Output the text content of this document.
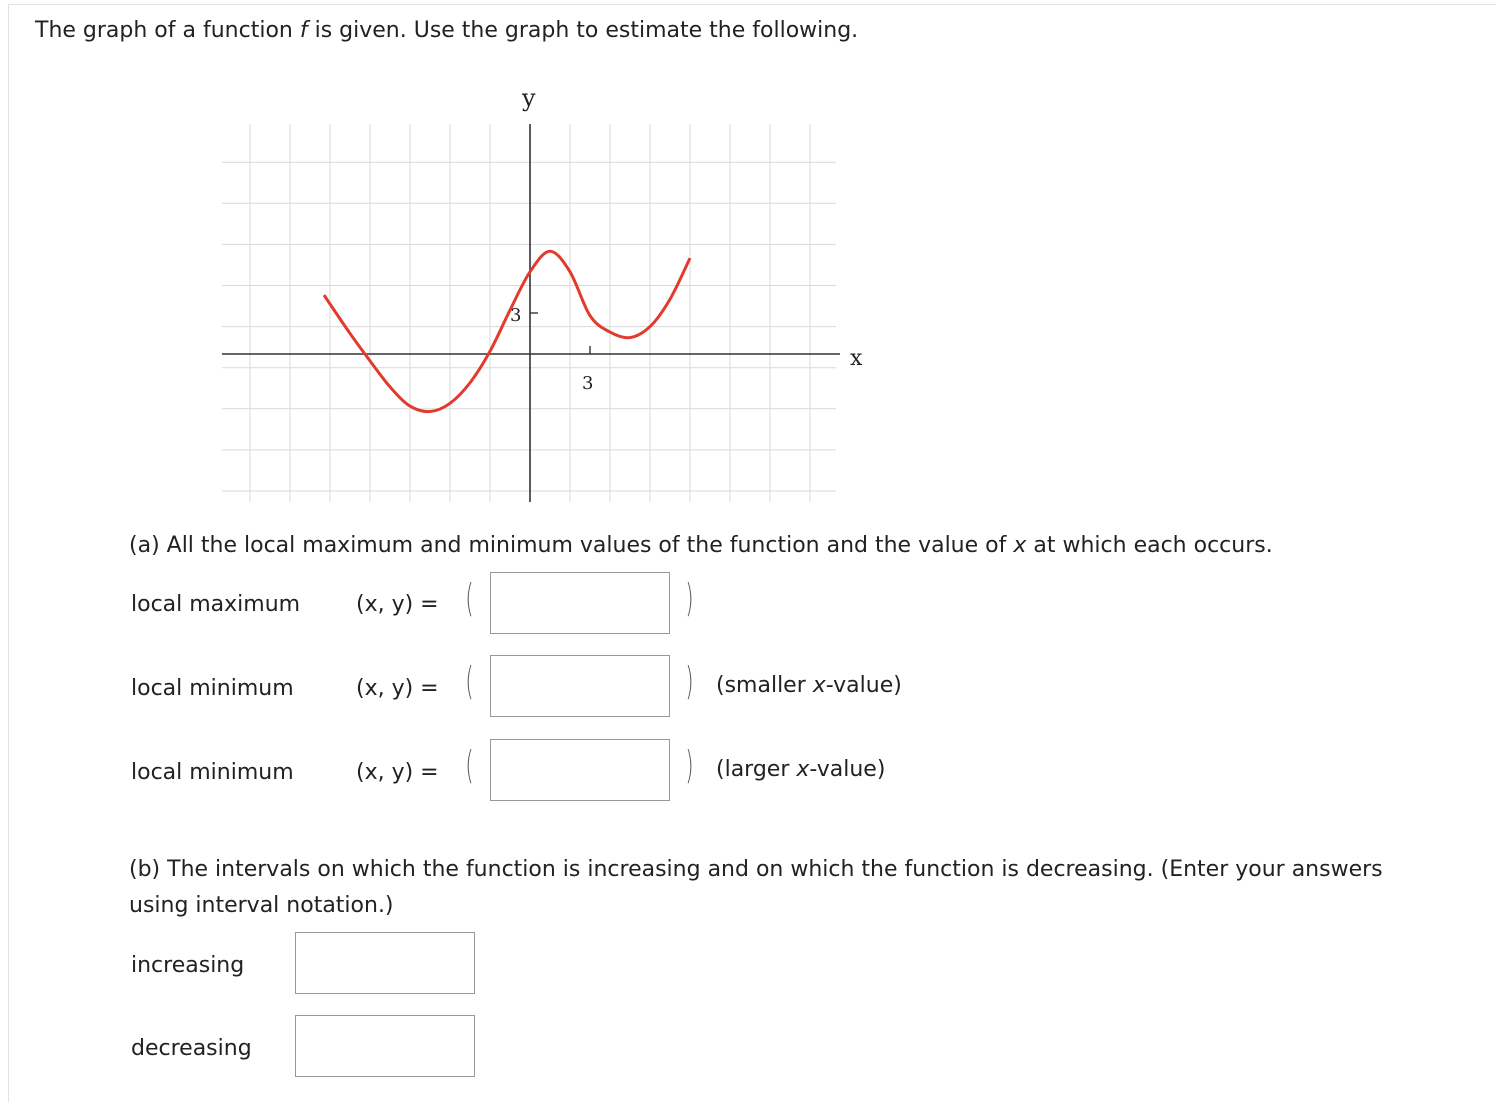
The graph of a function f is given. Use the graph to estimate the following.
y
x
3
3
(a) All the local maximum and minimum values of the function and the value of x at which each occurs.
local maximum	(x, y) = (	)
local minimum	(x, y) = (	) (smaller x-value)
local minimum	(x, y) = (	) (larger x-value)
(b) The intervals on which the function is increasing and on which the function is decreasing. (Enter your answers
using interval notation.)
increasing
decreasing
